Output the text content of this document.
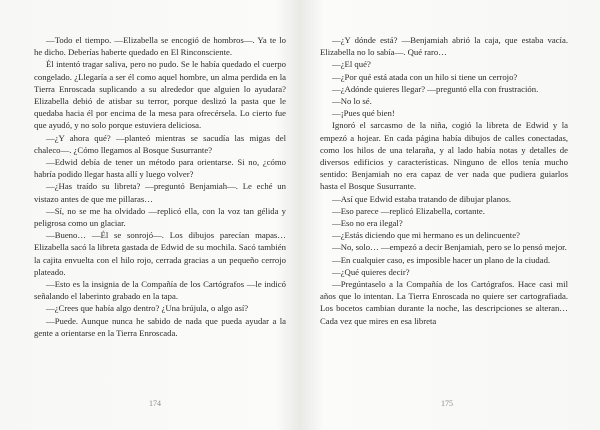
—Todo el tiempo. —Elizabella se encogió de hombros—. Ya te lo he dicho. Deberías haberte quedado en El Rinconsciente.

Él intentó tragar saliva, pero no pudo. Se le había quedado el cuerpo congelado. ¿Llegaría a ser él como aquel hombre, un alma perdida en la Tierra Enroscada suplicando a su alrededor que alguien lo ayudara? Elizabella debió de atisbar su terror, porque deslizó la pasta que le quedaba hacia él por encima de la mesa para ofrecérsela. Lo cierto fue que ayudó, y no solo porque estuviera deliciosa.

—¿Y ahora qué? —planteó mientras se sacudía las migas del chaleco—. ¿Cómo llegamos al Bosque Susurrante?

—Edwid debía de tener un método para orientarse. Si no, ¿cómo habría podido llegar hasta allí y luego volver?

—¿Has traído su libreta? —preguntó Benjamiah—. Le eché un vistazo antes de que me pillaras…

—Sí, no se me ha olvidado —replicó ella, con la voz tan gélida y peligrosa como un glaciar.

—Bueno… —Él se sonrojó—. Los dibujos parecían mapas… Elizabella sacó la libreta gastada de Edwid de su mochila. Sacó también la cajita envuelta con el hilo rojo, cerrada gracias a un pequeño cerrojo plateado.

—Esto es la insignia de la Compañía de los Cartógrafos —le indicó señalando el laberinto grabado en la tapa.

—¿Crees que había algo dentro? ¿Una brújula, o algo así?

—Puede. Aunque nunca he sabido de nada que pueda ayudar a la gente a orientarse en la Tierra Enroscada.

174

—¿Y dónde está? —Benjamiah abrió la caja, que estaba vacía. Elizabella no lo sabía—. Qué raro…

—¿El qué?

—¿Por qué está atada con un hilo si tiene un cerrojo?

—¿Adónde quieres llegar? —preguntó ella con frustración.

—No lo sé.

—¡Pues qué bien!

Ignoró el sarcasmo de la niña, cogió la libreta de Edwid y la empezó a hojear. En cada página había dibujos de calles conectadas, como los hilos de una telaraña, y al lado había notas y detalles de diversos edificios y características. Ninguno de ellos tenía mucho sentido: Benjamiah no era capaz de ver nada que pudiera guiarlos hasta el Bosque Susurrante.

—Así que Edwid estaba tratando de dibujar planos.

—Eso parece —replicó Elizabella, cortante.

—Eso no era ilegal?

—¿Estás diciendo que mi hermano es un delincuente?

—No, solo… —empezó a decir Benjamiah, pero se lo pensó mejor.

—En cualquier caso, es imposible hacer un plano de la ciudad.

—¿Qué quieres decir?

—Pregúntaselo a la Compañía de los Cartógrafos. Hace casi mil años que lo intentan. La Tierra Enroscada no quiere ser cartografiada. Los bocetos cambian durante la noche, las descripciones se alteran… Cada vez que mires en esa libreta

175
